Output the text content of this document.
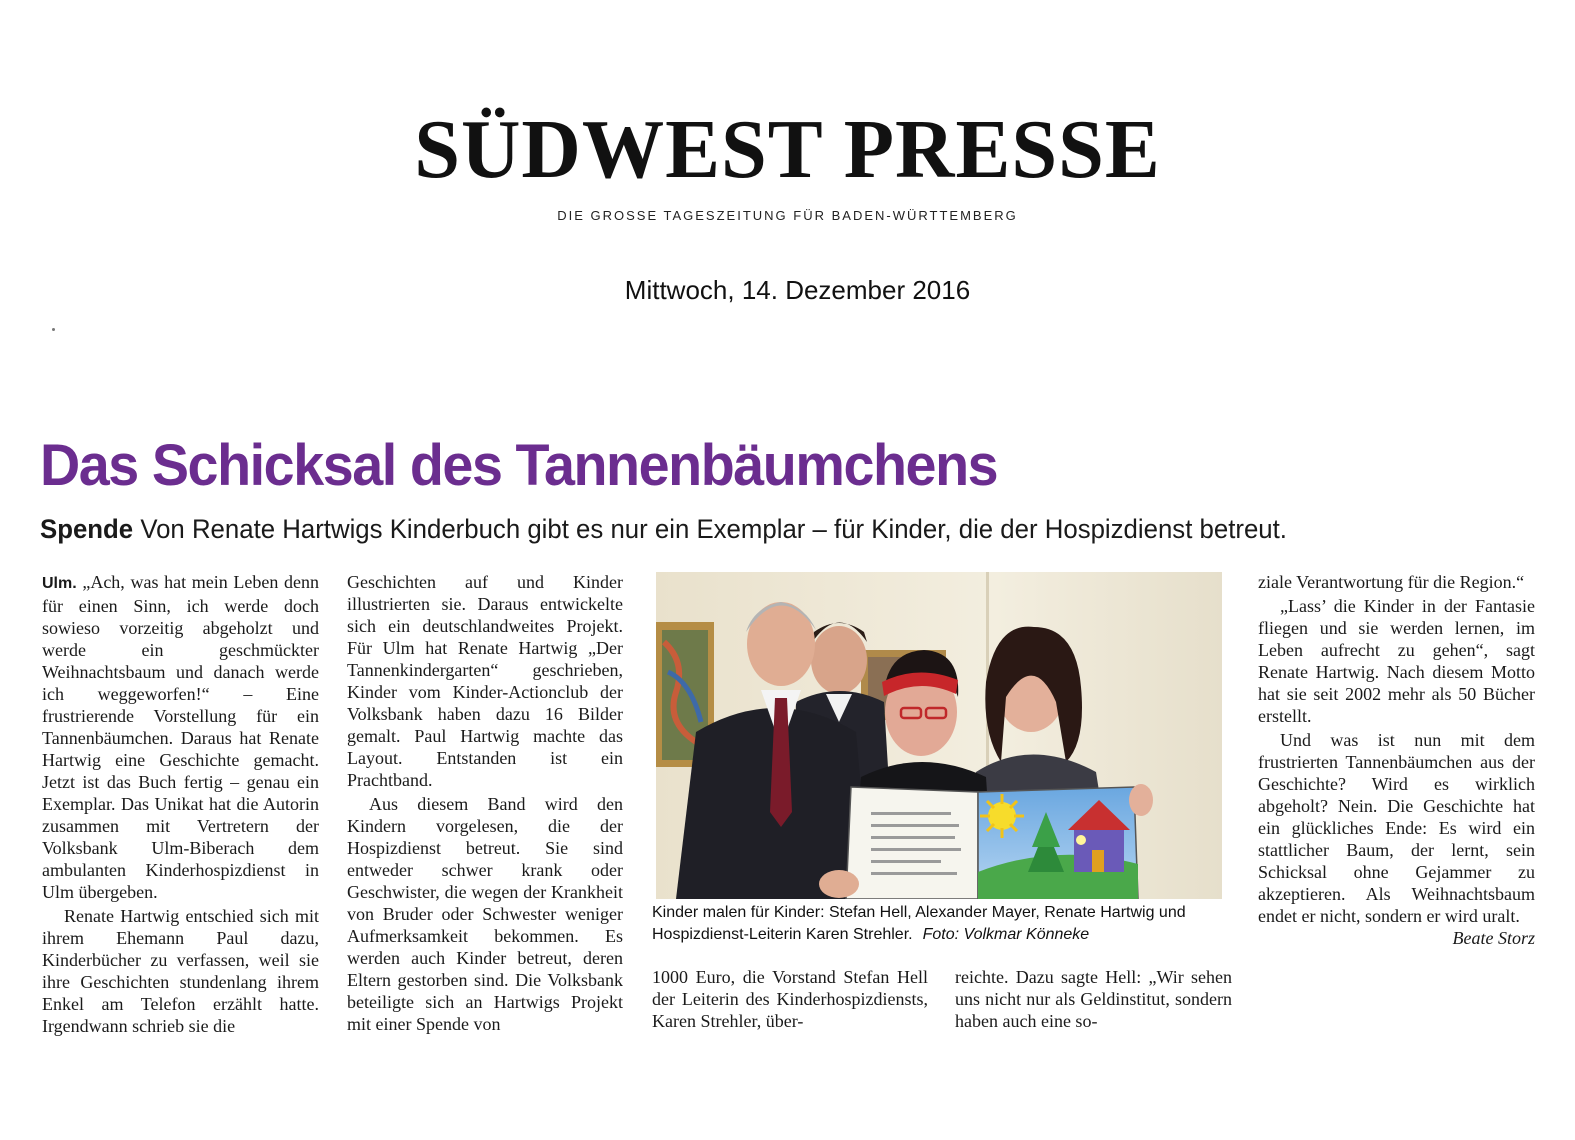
SÜDWEST PRESSE
DIE GROSSE TAGESZEITUNG FÜR BADEN-WÜRTTEMBERG
Mittwoch, 14. Dezember 2016
Das Schicksal des Tannenbäumchens
Spende Von Renate Hartwigs Kinderbuch gibt es nur ein Exemplar – für Kinder, die der Hospizdienst betreut.

Ulm. „Ach, was hat mein Leben denn für einen Sinn, ich werde doch sowieso vorzeitig abgeholzt und werde ein geschmückter Weihnachtsbaum und danach werde ich weggeworfen!“ – Eine frustrierende Vorstellung für ein Tannenbäumchen. Daraus hat Renate Hartwig eine Geschichte gemacht. Jetzt ist das Buch fertig – genau ein Exemplar. Das Unikat hat die Autorin zusammen mit Vertretern der Volksbank Ulm-Biberach dem ambulanten Kinderhospizdienst in Ulm übergeben.

Renate Hartwig entschied sich mit ihrem Ehemann Paul dazu, Kinderbücher zu verfassen, weil sie ihre Geschichten stundenlang ihrem Enkel am Telefon erzählt hatte. Irgendwann schrieb sie die

Geschichten auf und Kinder illustrierten sie. Daraus entwickelte sich ein deutschlandweites Projekt. Für Ulm hat Renate Hartwig „Der Tannenkindergarten“ geschrieben, Kinder vom Kinder-Actionclub der Volksbank haben dazu 16 Bilder gemalt. Paul Hartwig machte das Layout. Entstanden ist ein Prachtband.

Aus diesem Band wird den Kindern vorgelesen, die der Hospizdienst betreut. Sie sind entweder schwer krank oder Geschwister, die wegen der Krankheit von Bruder oder Schwester weniger Aufmerksamkeit bekommen. Es werden auch Kinder betreut, deren Eltern gestorben sind. Die Volksbank beteiligte sich an Hartwigs Projekt mit einer Spende von

Kinder malen für Kinder: Stefan Hell, Alexander Mayer, Renate Hartwig und Hospizdienst-Leiterin Karen Strehler. Foto: Volkmar Könneke

1000 Euro, die Vorstand Stefan Hell der Leiterin des Kinderhospizdiensts, Karen Strehler, über-

reichte. Dazu sagte Hell: „Wir sehen uns nicht nur als Geldinstitut, sondern haben auch eine so-

ziale Verantwortung für die Region.“

„Lass’ die Kinder in der Fantasie fliegen und sie werden lernen, im Leben aufrecht zu gehen“, sagt Renate Hartwig. Nach diesem Motto hat sie seit 2002 mehr als 50 Bücher erstellt.

Und was ist nun mit dem frustrierten Tannenbäumchen aus der Geschichte? Wird es wirklich abgeholt? Nein. Die Geschichte hat ein glückliches Ende: Es wird ein stattlicher Baum, der lernt, sein Schicksal ohne Gejammer zu akzeptieren. Als Weihnachtsbaum endet er nicht, sondern er wird uralt.
Beate Storz
